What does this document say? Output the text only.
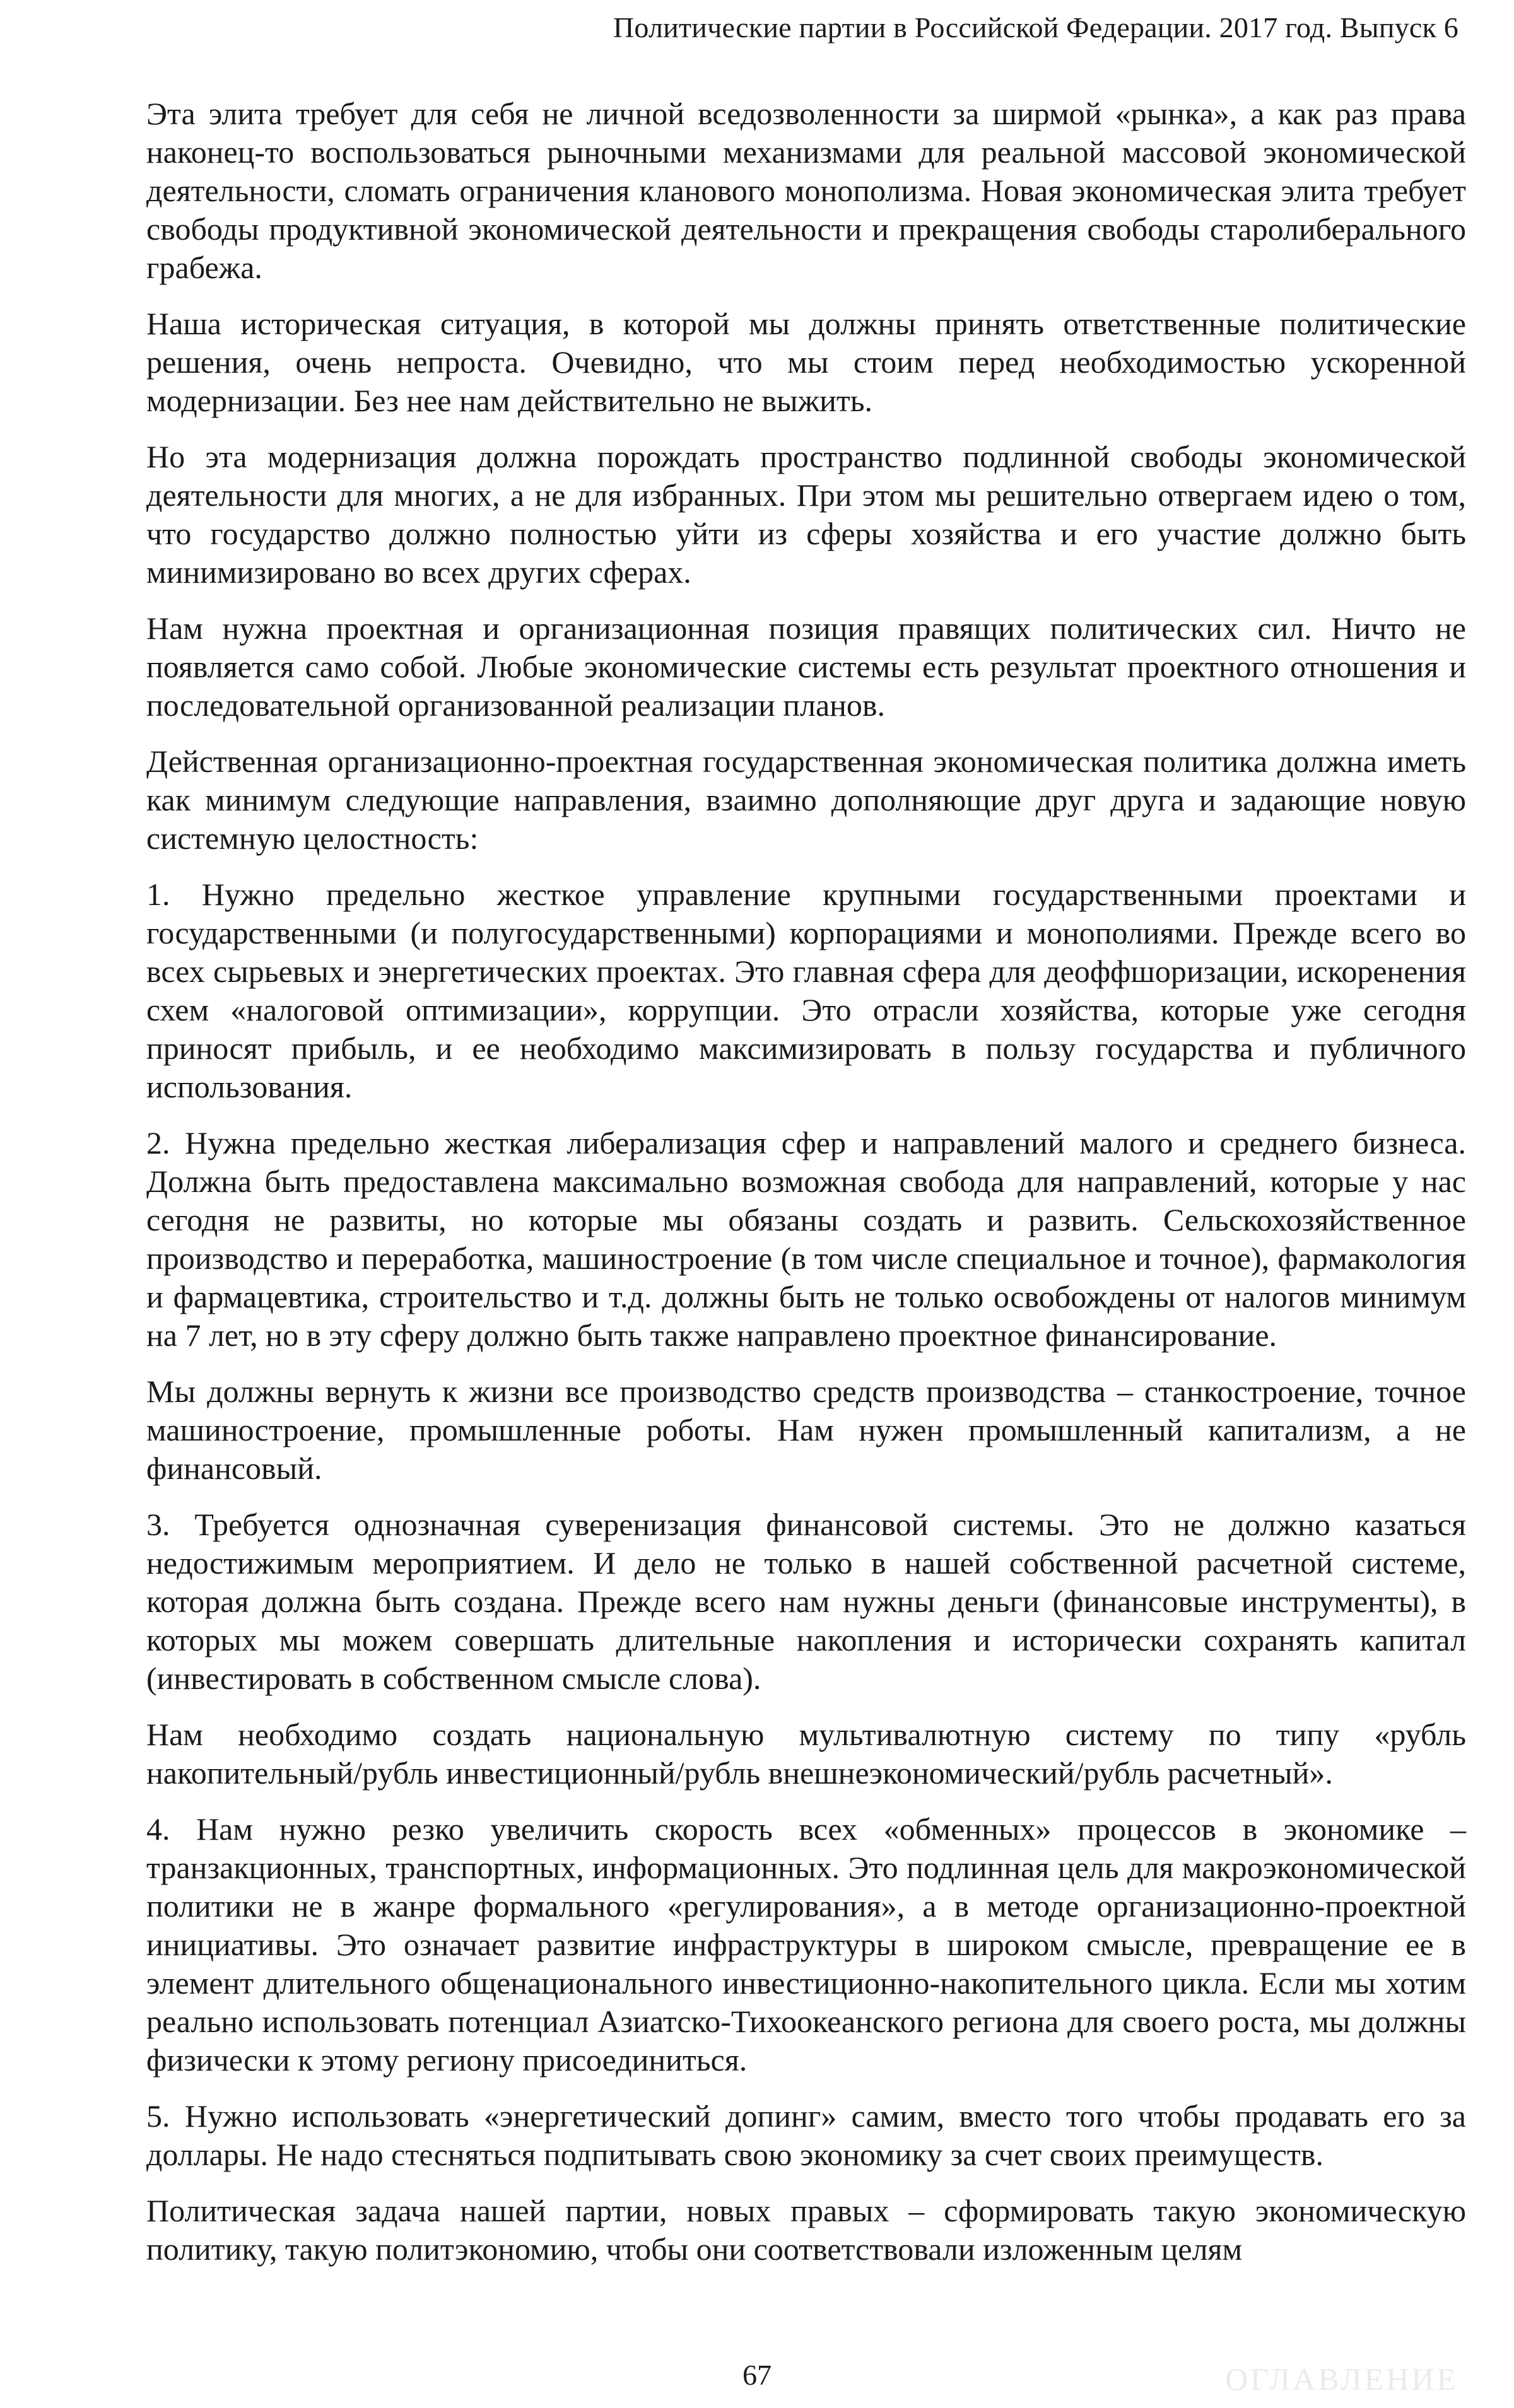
Политические партии в Российской Федерации. 2017 год. Выпуск 6

Эта элита требует для себя не личной вседозволенности за ширмой «рынка», а как раз права наконец-то воспользоваться рыночными механизмами для реальной массовой экономической деятельности, сломать ограничения кланового монополизма. Новая экономическая элита требует свободы продуктивной экономической деятельности и прекращения свободы старолиберального грабежа.

Наша историческая ситуация, в которой мы должны принять ответственные политические решения, очень непроста. Очевидно, что мы стоим перед необходимостью ускоренной модернизации. Без нее нам действительно не выжить.

Но эта модернизация должна порождать пространство подлинной свободы экономической деятельности для многих, а не для избранных. При этом мы решительно отвергаем идею о том, что государство должно полностью уйти из сферы хозяйства и его участие должно быть минимизировано во всех других сферах.

Нам нужна проектная и организационная позиция правящих политических сил. Ничто не появляется само собой. Любые экономические системы есть результат проектного отношения и последовательной организованной реализации планов.

Действенная организационно-проектная государственная экономическая политика должна иметь как минимум следующие направления, взаимно дополняющие друг друга и задающие новую системную целостность:

1. Нужно предельно жесткое управление крупными государственными проектами и государственными (и полугосударственными) корпорациями и монополиями. Прежде всего во всех сырьевых и энергетических проектах. Это главная сфера для деоффшоризации, искоренения схем «налоговой оптимизации», коррупции. Это отрасли хозяйства, которые уже сегодня приносят прибыль, и ее необходимо максимизировать в пользу государства и публичного использования.

2. Нужна предельно жесткая либерализация сфер и направлений малого и среднего бизнеса. Должна быть предоставлена максимально возможная свобода для направлений, которые у нас сегодня не развиты, но которые мы обязаны создать и развить. Сельскохозяйственное производство и переработка, машиностроение (в том числе специальное и точное), фармакология и фармацевтика, строительство и т.д. должны быть не только освобождены от налогов минимум на 7 лет, но в эту сферу должно быть также направлено проектное финансирование.

Мы должны вернуть к жизни все производство средств производства – станкостроение, точное машиностроение, промышленные роботы. Нам нужен промышленный капитализм, а не финансовый.

3. Требуется однозначная суверенизация финансовой системы. Это не должно казаться недостижимым мероприятием. И дело не только в нашей собственной расчетной системе, которая должна быть создана. Прежде всего нам нужны деньги (финансовые инструменты), в которых мы можем совершать длительные накопления и исторически сохранять капитал (инвестировать в собственном смысле слова).

Нам необходимо создать национальную мультивалютную систему по типу «рубль накопительный/рубль инвестиционный/рубль внешнеэкономический/рубль расчетный».

4. Нам нужно резко увеличить скорость всех «обменных» процессов в экономике – транзакционных, транспортных, информационных. Это подлинная цель для макроэкономической политики не в жанре формального «регулирования», а в методе организационно-проектной инициативы. Это означает развитие инфраструктуры в широком смысле, превращение ее в элемент длительного общенационального инвестиционно-накопительного цикла. Если мы хотим реально использовать потенциал Азиатско-Тихоокеанского региона для своего роста, мы должны физически к этому региону присоединиться.

5. Нужно использовать «энергетический допинг» самим, вместо того чтобы продавать его за доллары. Не надо стесняться подпитывать свою экономику за счет своих преимуществ.

Политическая задача нашей партии, новых правых – сформировать такую экономическую политику, такую политэкономию, чтобы они соответствовали изложенным целям

67	ОГЛАВЛЕНИЕ
